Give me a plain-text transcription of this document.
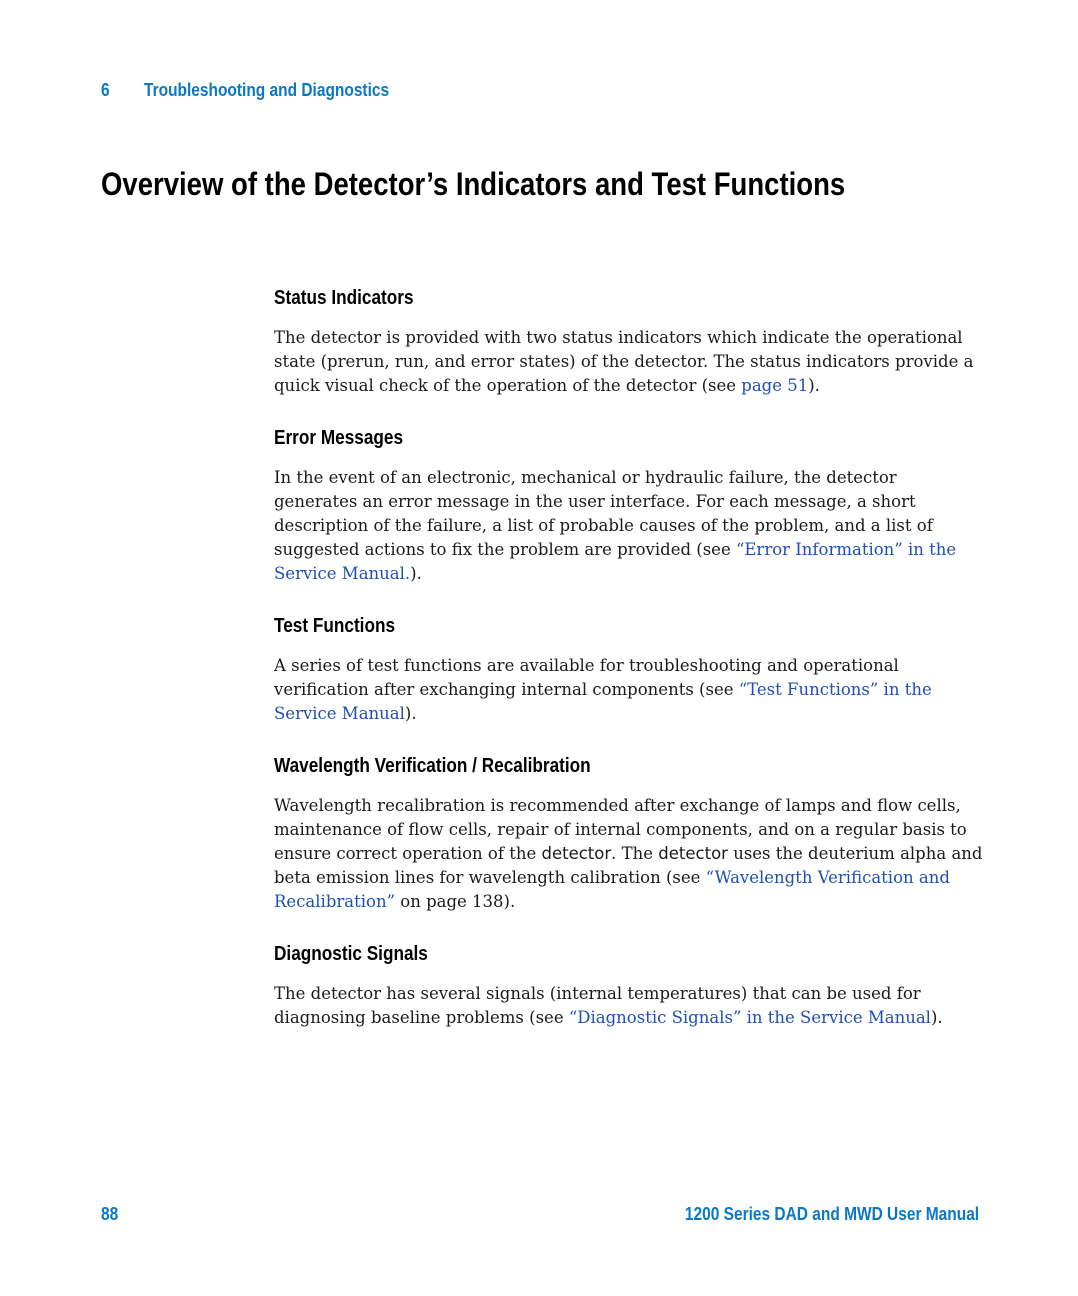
6 Troubleshooting and Diagnostics
Overview of the Detector’s Indicators and Test Functions
Status Indicators

The detector is provided with two status indicators which indicate the operational state (prerun, run, and error states) of the detector. The status indicators provide a quick visual check of the operation of the detector (see page 51).

Error Messages

In the event of an electronic, mechanical or hydraulic failure, the detector generates an error message in the user interface. For each message, a short description of the failure, a list of probable causes of the problem, and a list of suggested actions to fix the problem are provided (see “Error Information” in the Service Manual.).

Test Functions

A series of test functions are available for troubleshooting and operational verification after exchanging internal components (see “Test Functions” in the Service Manual).

Wavelength Verification / Recalibration

Wavelength recalibration is recommended after exchange of lamps and flow cells, maintenance of flow cells, repair of internal components, and on a regular basis to ensure correct operation of the detector. The detector uses the deuterium alpha and beta emission lines for wavelength calibration (see “Wavelength Verification and Recalibration” on page 138).

Diagnostic Signals

The detector has several signals (internal temperatures) that can be used for diagnosing baseline problems (see “Diagnostic Signals” in the Service Manual).

88	1200 Series DAD and MWD User Manual
